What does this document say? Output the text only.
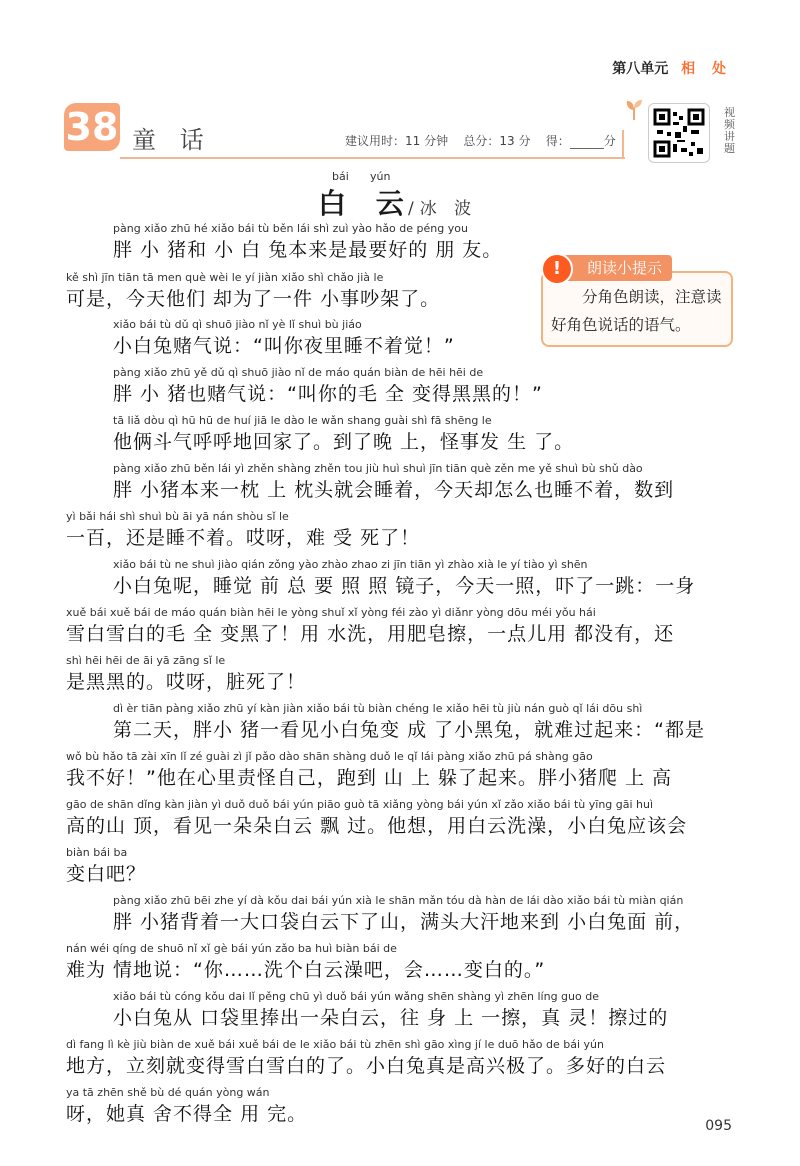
第八单元 相 处
38 童 话	建议用时：11 分钟 总分：13 分 得：	分
视频讲题
bái yún
白 云
/冰 波
朗读小提示
!
分角色朗读，注意读好角色说话的语气。
pàng xiǎo zhū hé xiǎo bái tù běn lái shì zuì yào hǎo de péng you
胖 小 猪和 小 白 兔本来是最要好的 朋 友。
kě shì jīn tiān tā men què wèi le yí jiàn xiǎo shì chǎo jià le
可是，今天他们 却为了一件 小事吵架了。
xiǎo bái tù dǔ qì shuō jiào nǐ yè lǐ shuì bù jiáo
小白兔赌气说：“叫你夜里睡不着觉！”
pàng xiǎo zhū yě dǔ qì shuō jiào nǐ de máo quán biàn de hēi hēi de
胖 小 猪也赌气说：“叫你的毛 全 变得黑黑的！”
tā liǎ dòu qì hū hū de huí jiā le dào le wǎn shang guài shì fā shēng le
他俩斗气呼呼地回家了。到了晚 上，怪事发 生 了。
pàng xiǎo zhū běn lái yì zhěn shàng zhěn tou jiù huì shuì jīn tiān què zěn me yě shuì bù shǔ dào
胖 小猪本来一枕 上 枕头就会睡着，今天却怎么也睡不着，数到
yì bǎi hái shì shuì bù āi yā nán shòu sǐ le
一百，还是睡不着。哎呀，难 受 死了！
xiǎo bái tù ne shuì jiào qián zǒng yào zhào zhao zi jīn tiān yì zhào xià le yí tiào yì shēn
小白兔呢，睡觉 前 总 要 照 照 镜子，今天一照，吓了一跳：一身
xuě bái xuě bái de máo quán biàn hēi le yòng shuǐ xǐ yòng féi zào yì diǎnr yòng dōu méi yǒu hái
雪白雪白的毛 全 变黑了！用 水洗，用肥皂擦，一点儿用 都没有，还
shì hēi hēi de āi yā zāng sǐ le
是黑黑的。哎呀，脏死了！
dì èr tiān pàng xiǎo zhū yí kàn jiàn xiǎo bái tù biàn chéng le xiǎo hēi tù jiù nán guò qǐ lái dōu shì
第二天，胖小 猪一看见小白兔变 成 了小黑兔，就难过起来：“都是
wǒ bù hǎo tā zài xīn lǐ zé guài zì jǐ pǎo dào shān shàng duǒ le qǐ lái pàng xiǎo zhū pá shàng gāo
我不好！”他在心里责怪自己，跑到 山 上 躲了起来。胖小猪爬 上 高
gāo de shān dǐng kàn jiàn yì duǒ duǒ bái yún piāo guò tā xiǎng yòng bái yún xǐ zǎo xiǎo bái tù yīng gāi huì
高的山 顶，看见一朵朵白云 飘 过。他想，用白云洗澡，小白兔应该会
biàn bái ba
变白吧？
pàng xiǎo zhū bēi zhe yí dà kǒu dai bái yún xià le shān mǎn tóu dà hàn de lái dào xiǎo bái tù miàn qián
胖 小猪背着一大口袋白云下了山，满头大汗地来到 小白兔面 前，
nán wéi qíng de shuō nǐ xǐ gè bái yún zǎo ba huì biàn bái de
难为 情地说：“你……洗个白云澡吧，会……变白的。”
xiǎo bái tù cóng kǒu dai lǐ pěng chū yì duǒ bái yún wǎng shēn shàng yì zhēn líng guo de
小白兔从 口袋里捧出一朵白云，往 身 上 一擦，真 灵！擦过的
dì fang lì kè jiù biàn de xuě bái xuě bái de le xiǎo bái tù zhēn shì gāo xìng jí le duō hǎo de bái yún
地方，立刻就变得雪白雪白的了。小白兔真是高兴极了。多好的白云
ya tā zhēn shě bù dé quán yòng wán
呀，她真 舍不得全 用 完。
095
